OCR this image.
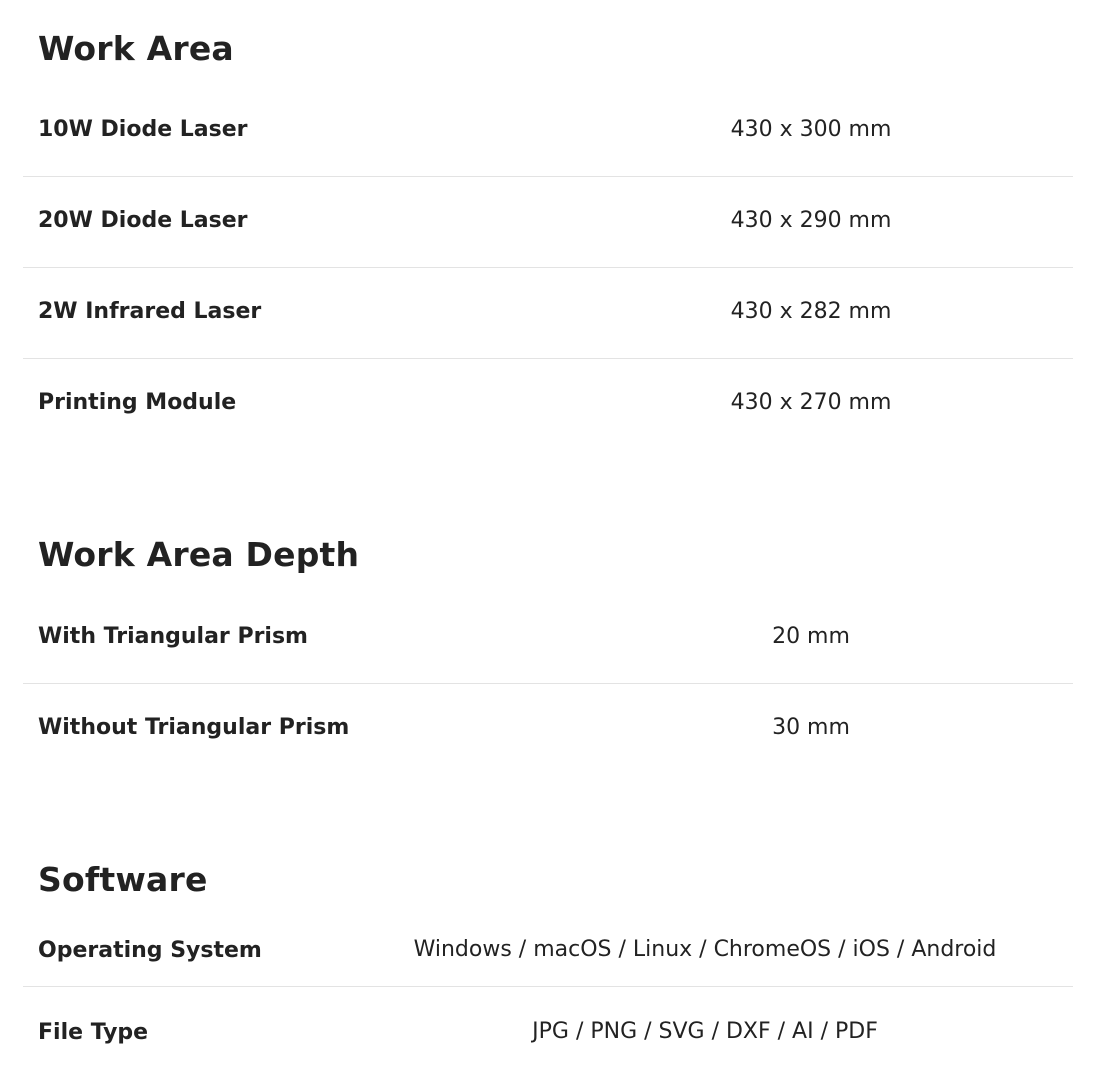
Work Area
10W Diode Laser	430 x 300 mm
20W Diode Laser	430 x 290 mm
2W Infrared Laser	430 x 282 mm
Printing Module	430 x 270 mm
Work Area Depth
With Triangular Prism	20 mm
Without Triangular Prism	30 mm
Software
Operating System	Windows / macOS / Linux / ChromeOS / iOS / Android
File Type	JPG / PNG / SVG / DXF / AI / PDF
